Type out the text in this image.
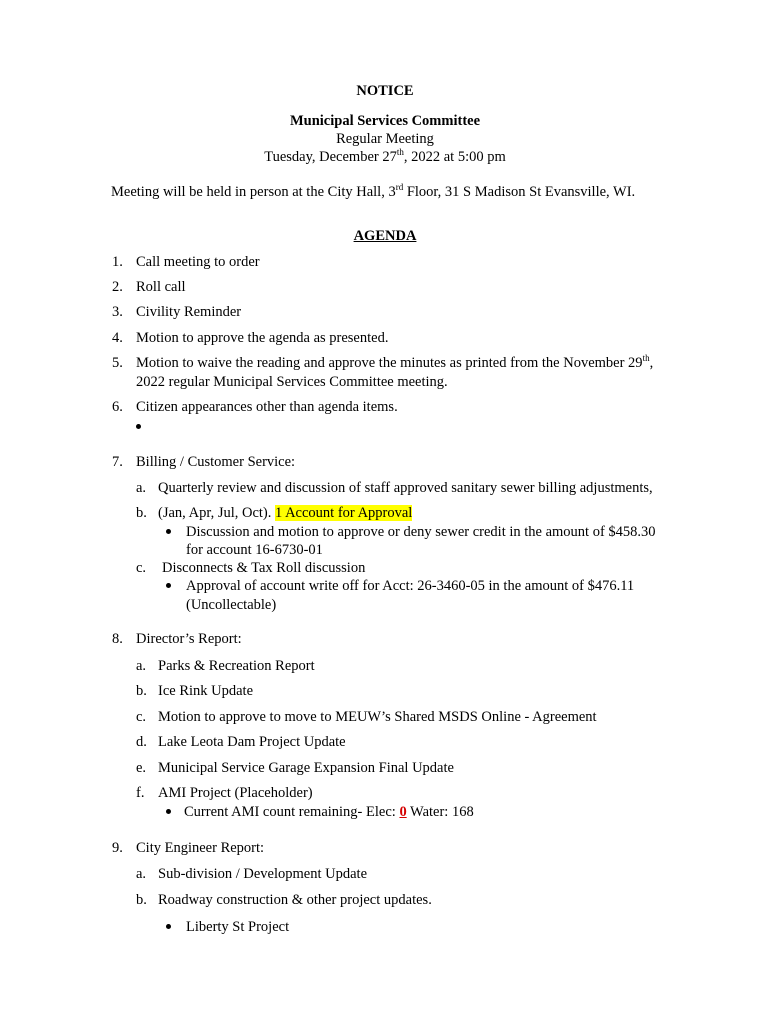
NOTICE
Municipal Services Committee
Regular Meeting
Tuesday, December 27th, 2022 at 5:00 pm
Meeting will be held in person at the City Hall, 3rd Floor, 31 S Madison St Evansville, WI.
AGENDA
1. Call meeting to order
2. Roll call
3. Civility Reminder
4. Motion to approve the agenda as presented.
5. Motion to waive the reading and approve the minutes as printed from the November 29th,
2022 regular Municipal Services Committee meeting.
6. Citizen appearances other than agenda items.
7. Billing / Customer Service:
a. Quarterly review and discussion of staff approved sanitary sewer billing adjustments,
b. (Jan, Apr, Jul, Oct). 1 Account for Approval
Discussion and motion to approve or deny sewer credit in the amount of $458.30
for account 16-6730-01
c. Disconnects & Tax Roll discussion
Approval of account write off for Acct: 26-3460-05 in the amount of $476.11
(Uncollectable)
8. Director’s Report:
a. Parks & Recreation Report
b. Ice Rink Update
c. Motion to approve to move to MEUW’s Shared MSDS Online - Agreement
d. Lake Leota Dam Project Update
e. Municipal Service Garage Expansion Final Update
f. AMI Project (Placeholder)
Current AMI count remaining- Elec: 0 Water: 168
9. City Engineer Report:
a. Sub-division / Development Update
b. Roadway construction & other project updates.
Liberty St Project
